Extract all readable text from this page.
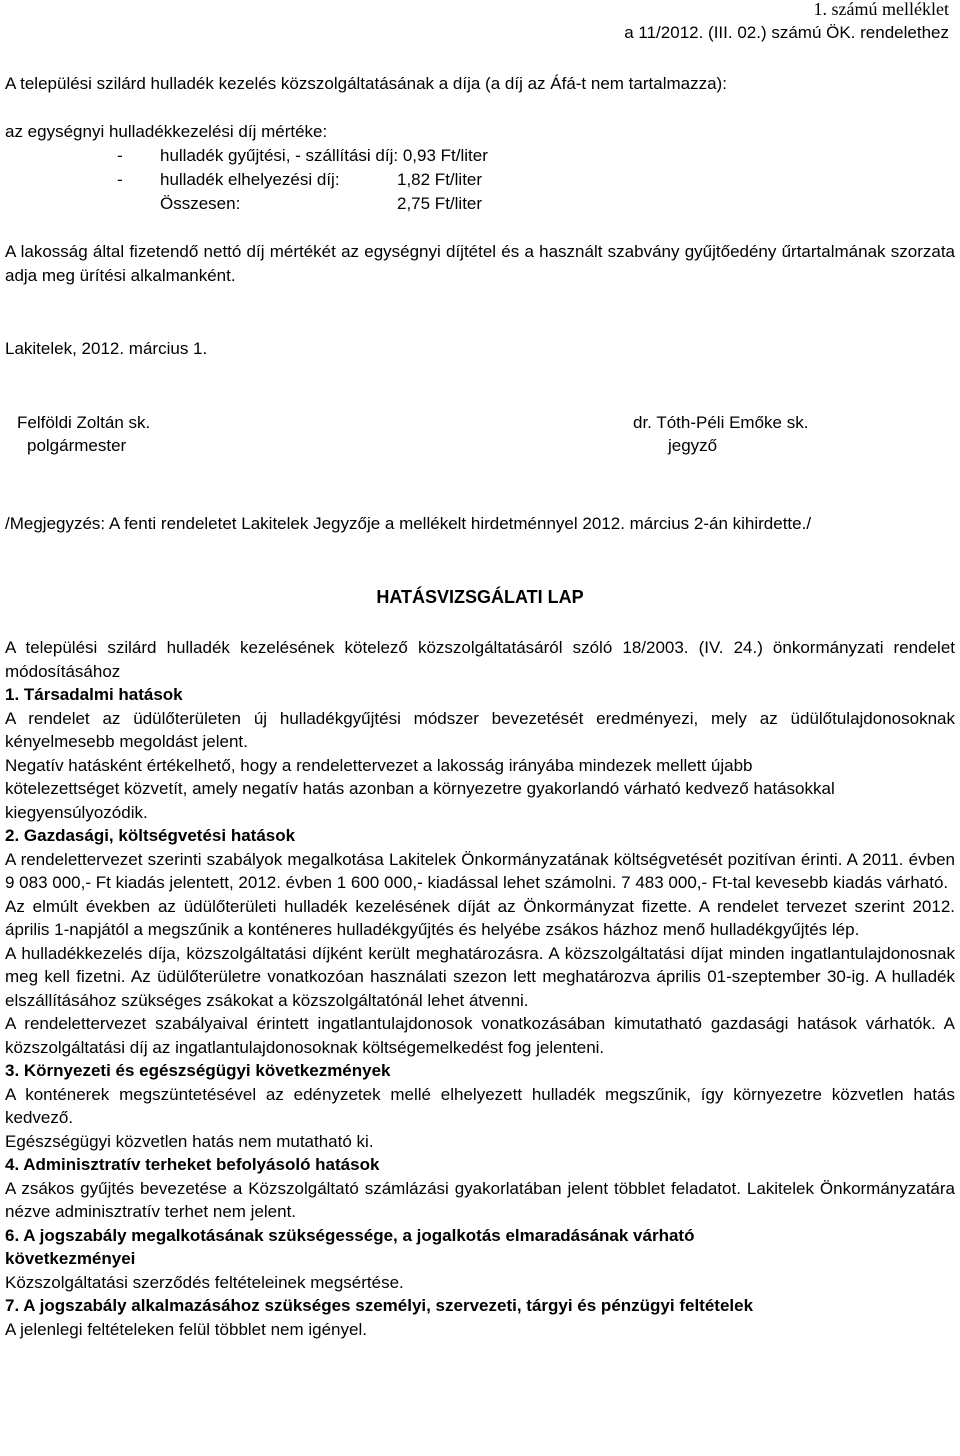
1. számú melléklet
a 11/2012. (III. 02.) számú ÖK. rendelethez
A települési szilárd hulladék kezelés közszolgáltatásának a díja (a díj az Áfá-t nem tartalmazza):
az egységnyi hulladékkezelési díj mértéke:
- hulladék gyűjtési, - szállítási díj: 0,93 Ft/liter
- hulladék elhelyezési díj:	1,82 Ft/liter
Összesen:	2,75 Ft/liter
A lakosság által fizetendő nettó díj mértékét az egységnyi díjtétel és a használt szabvány gyűjtőedény űrtartalmának szorzata adja meg ürítési alkalmanként.
Lakitelek, 2012. március 1.
Felföldi Zoltán sk.
polgármester
dr. Tóth-Péli Emőke sk.
jegyző
/Megjegyzés: A fenti rendeletet Lakitelek Jegyzője a mellékelt hirdetménnyel 2012. március 2-án kihirdette./
HATÁSVIZSGÁLATI LAP
A települési szilárd hulladék kezelésének kötelező közszolgáltatásáról szóló 18/2003. (IV. 24.) önkormányzati rendelet módosításához

1. Társadalmi hatások

A rendelet az üdülőterületen új hulladékgyűjtési módszer bevezetését eredményezi, mely az üdülőtulajdonosoknak kényelmesebb megoldást jelent.

Negatív hatásként értékelhető, hogy a rendelettervezet a lakosság irányába mindezek mellett újabb kötelezettséget közvetít, amely negatív hatás azonban a környezetre gyakorlandó várható kedvező hatásokkal kiegyensúlyozódik.

2. Gazdasági, költségvetési hatások

A rendelettervezet szerinti szabályok megalkotása Lakitelek Önkormányzatának költségvetését pozitívan érinti. A 2011. évben 9 083 000,- Ft kiadás jelentett, 2012. évben 1 600 000,- kiadással lehet számolni. 7 483 000,- Ft-tal kevesebb kiadás várható.

Az elmúlt években az üdülőterületi hulladék kezelésének díját az Önkormányzat fizette. A rendelet tervezet szerint 2012. április 1-napjától a megszűnik a konténeres hulladékgyűjtés és helyébe zsákos házhoz menő hulladékgyűjtés lép.

A hulladékkezelés díja, közszolgáltatási díjként került meghatározásra. A közszolgáltatási díjat minden ingatlantulajdonosnak meg kell fizetni. Az üdülőterületre vonatkozóan használati szezon lett meghatározva április 01-szeptember 30-ig. A hulladék elszállításához szükséges zsákokat a közszolgáltatónál lehet átvenni.

A rendelettervezet szabályaival érintett ingatlantulajdonosok vonatkozásában kimutatható gazdasági hatások várhatók. A közszolgáltatási díj az ingatlantulajdonosoknak költségemelkedést fog jelenteni.

3. Környezeti és egészségügyi következmények

A konténerek megszüntetésével az edényzetek mellé elhelyezett hulladék megszűnik, így környezetre közvetlen hatás kedvező.

Egészségügyi közvetlen hatás nem mutatható ki.

4. Adminisztratív terheket befolyásoló hatások

A zsákos gyűjtés bevezetése a Közszolgáltató számlázási gyakorlatában jelent többlet feladatot. Lakitelek Önkormányzatára nézve adminisztratív terhet nem jelent.

6. A jogszabály megalkotásának szükségessége, a jogalkotás elmaradásának várható következményei

Közszolgáltatási szerződés feltételeinek megsértése.

7. A jogszabály alkalmazásához szükséges személyi, szervezeti, tárgyi és pénzügyi feltételek

A jelenlegi feltételeken felül többlet nem igényel.
